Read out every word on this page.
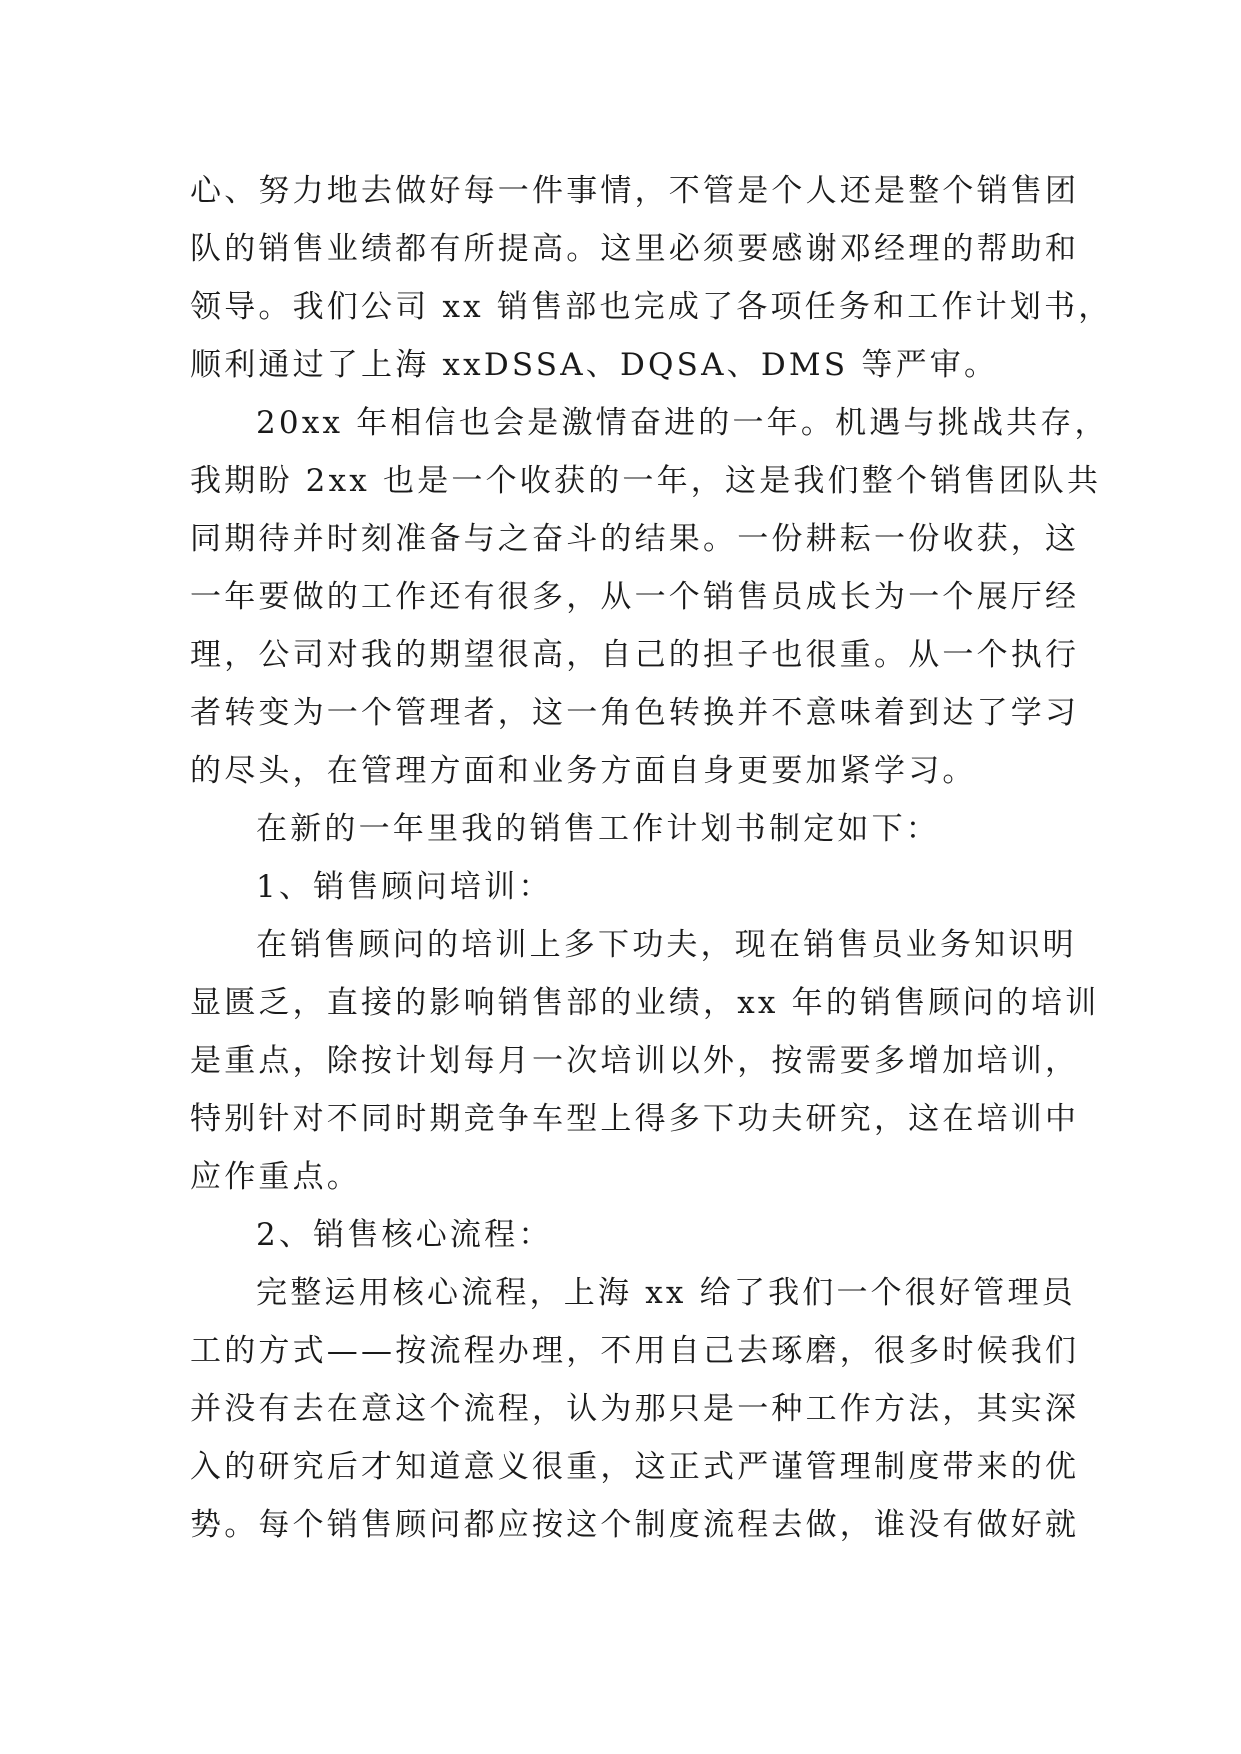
心、努力地去做好每一件事情，不管是个人还是整个销售团
队的销售业绩都有所提高。这里必须要感谢邓经理的帮助和
领导。我们公司 xx 销售部也完成了各项任务和工作计划书，
顺利通过了上海 xxDSSA、DQSA、DMS 等严审。
20xx 年相信也会是激情奋进的一年。机遇与挑战共存，
我期盼 2xx 也是一个收获的一年，这是我们整个销售团队共
同期待并时刻准备与之奋斗的结果。一份耕耘一份收获，这
一年要做的工作还有很多，从一个销售员成长为一个展厅经
理，公司对我的期望很高，自己的担子也很重。从一个执行
者转变为一个管理者，这一角色转换并不意味着到达了学习
的尽头，在管理方面和业务方面自身更要加紧学习。
在新的一年里我的销售工作计划书制定如下：
1、销售顾问培训：
在销售顾问的培训上多下功夫，现在销售员业务知识明
显匮乏，直接的影响销售部的业绩，xx 年的销售顾问的培训
是重点，除按计划每月一次培训以外，按需要多增加培训，
特别针对不同时期竞争车型上得多下功夫研究，这在培训中
应作重点。
2、销售核心流程：
完整运用核心流程，上海 xx 给了我们一个很好管理员
工的方式——按流程办理，不用自己去琢磨，很多时候我们
并没有去在意这个流程，认为那只是一种工作方法，其实深
入的研究后才知道意义很重，这正式严谨管理制度带来的优
势。每个销售顾问都应按这个制度流程去做，谁没有做好就
